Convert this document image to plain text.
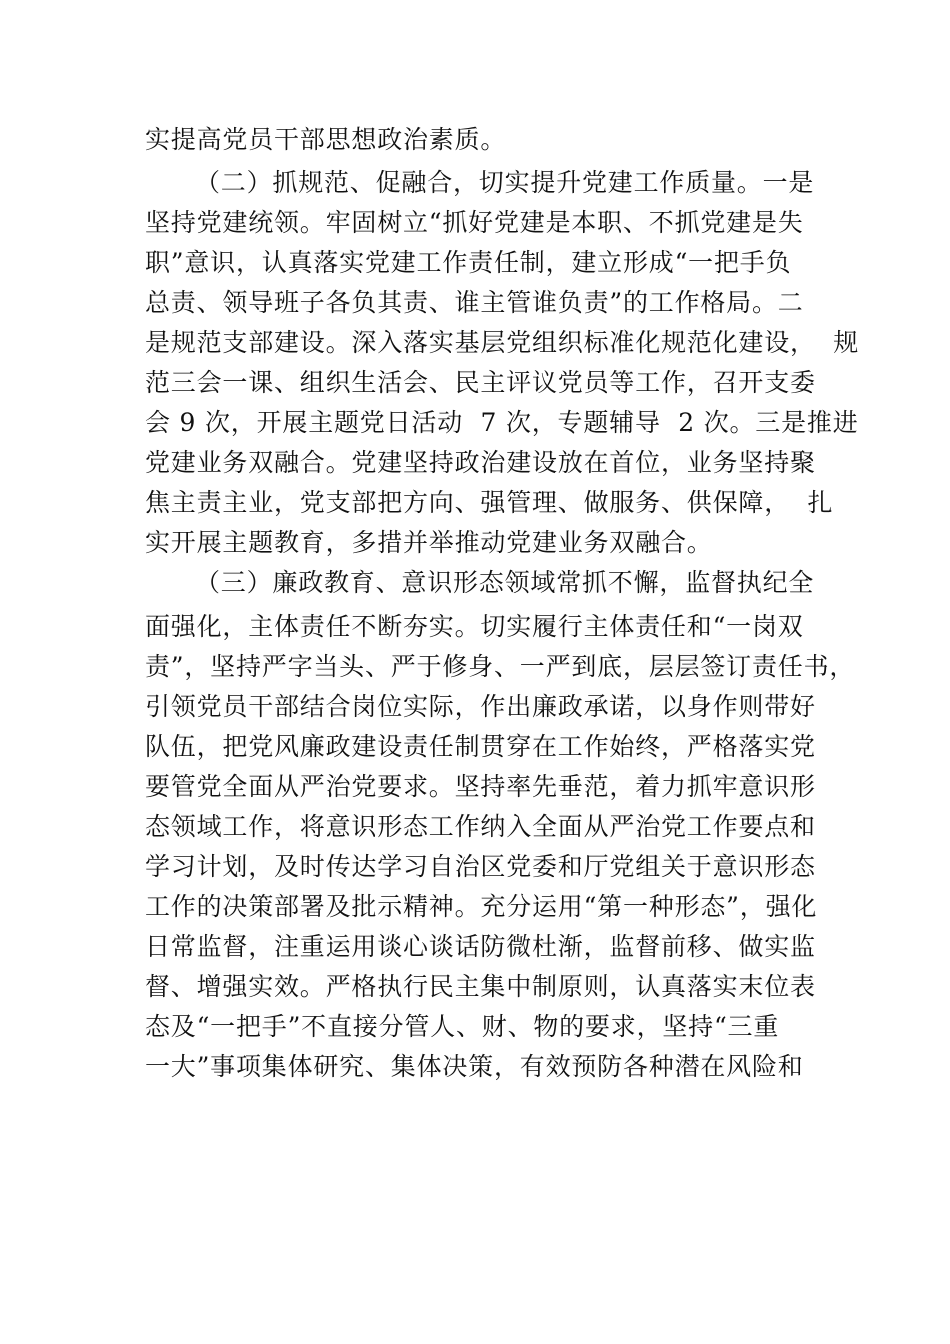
实提高党员干部思想政治素质。
（二）抓规范、促融合，切实提升党建工作质量。一是
坚持党建统领。牢固树立“抓好党建是本职、不抓党建是失
职”意识，认真落实党建工作责任制，建立形成“一把手负
总责、领导班子各负其责、谁主管谁负责”的工作格局。二
是规范支部建设。深入落实基层党组织标准化规范化建设，  规
范三会一课、组织生活会、民主评议党员等工作，召开支委
会 9 次，开展主题党日活动  7 次，专题辅导  2 次。三是推进
党建业务双融合。党建坚持政治建设放在首位，业务坚持聚
焦主责主业，党支部把方向、强管理、做服务、供保障，  扎
实开展主题教育，多措并举推动党建业务双融合。
（三）廉政教育、意识形态领域常抓不懈，监督执纪全
面强化，主体责任不断夯实。切实履行主体责任和“一岗双
责”，坚持严字当头、严于修身、一严到底，层层签订责任书，
引领党员干部结合岗位实际，作出廉政承诺，以身作则带好
队伍，把党风廉政建设责任制贯穿在工作始终，严格落实党
要管党全面从严治党要求。坚持率先垂范，着力抓牢意识形
态领域工作，将意识形态工作纳入全面从严治党工作要点和
学习计划，及时传达学习自治区党委和厅党组关于意识形态
工作的决策部署及批示精神。充分运用“第一种形态”，强化
日常监督，注重运用谈心谈话防微杜渐，监督前移、做实监
督、增强实效。严格执行民主集中制原则，认真落实末位表
态及“一把手”不直接分管人、财、物的要求，坚持“三重
一大”事项集体研究、集体决策，有效预防各种潜在风险和
